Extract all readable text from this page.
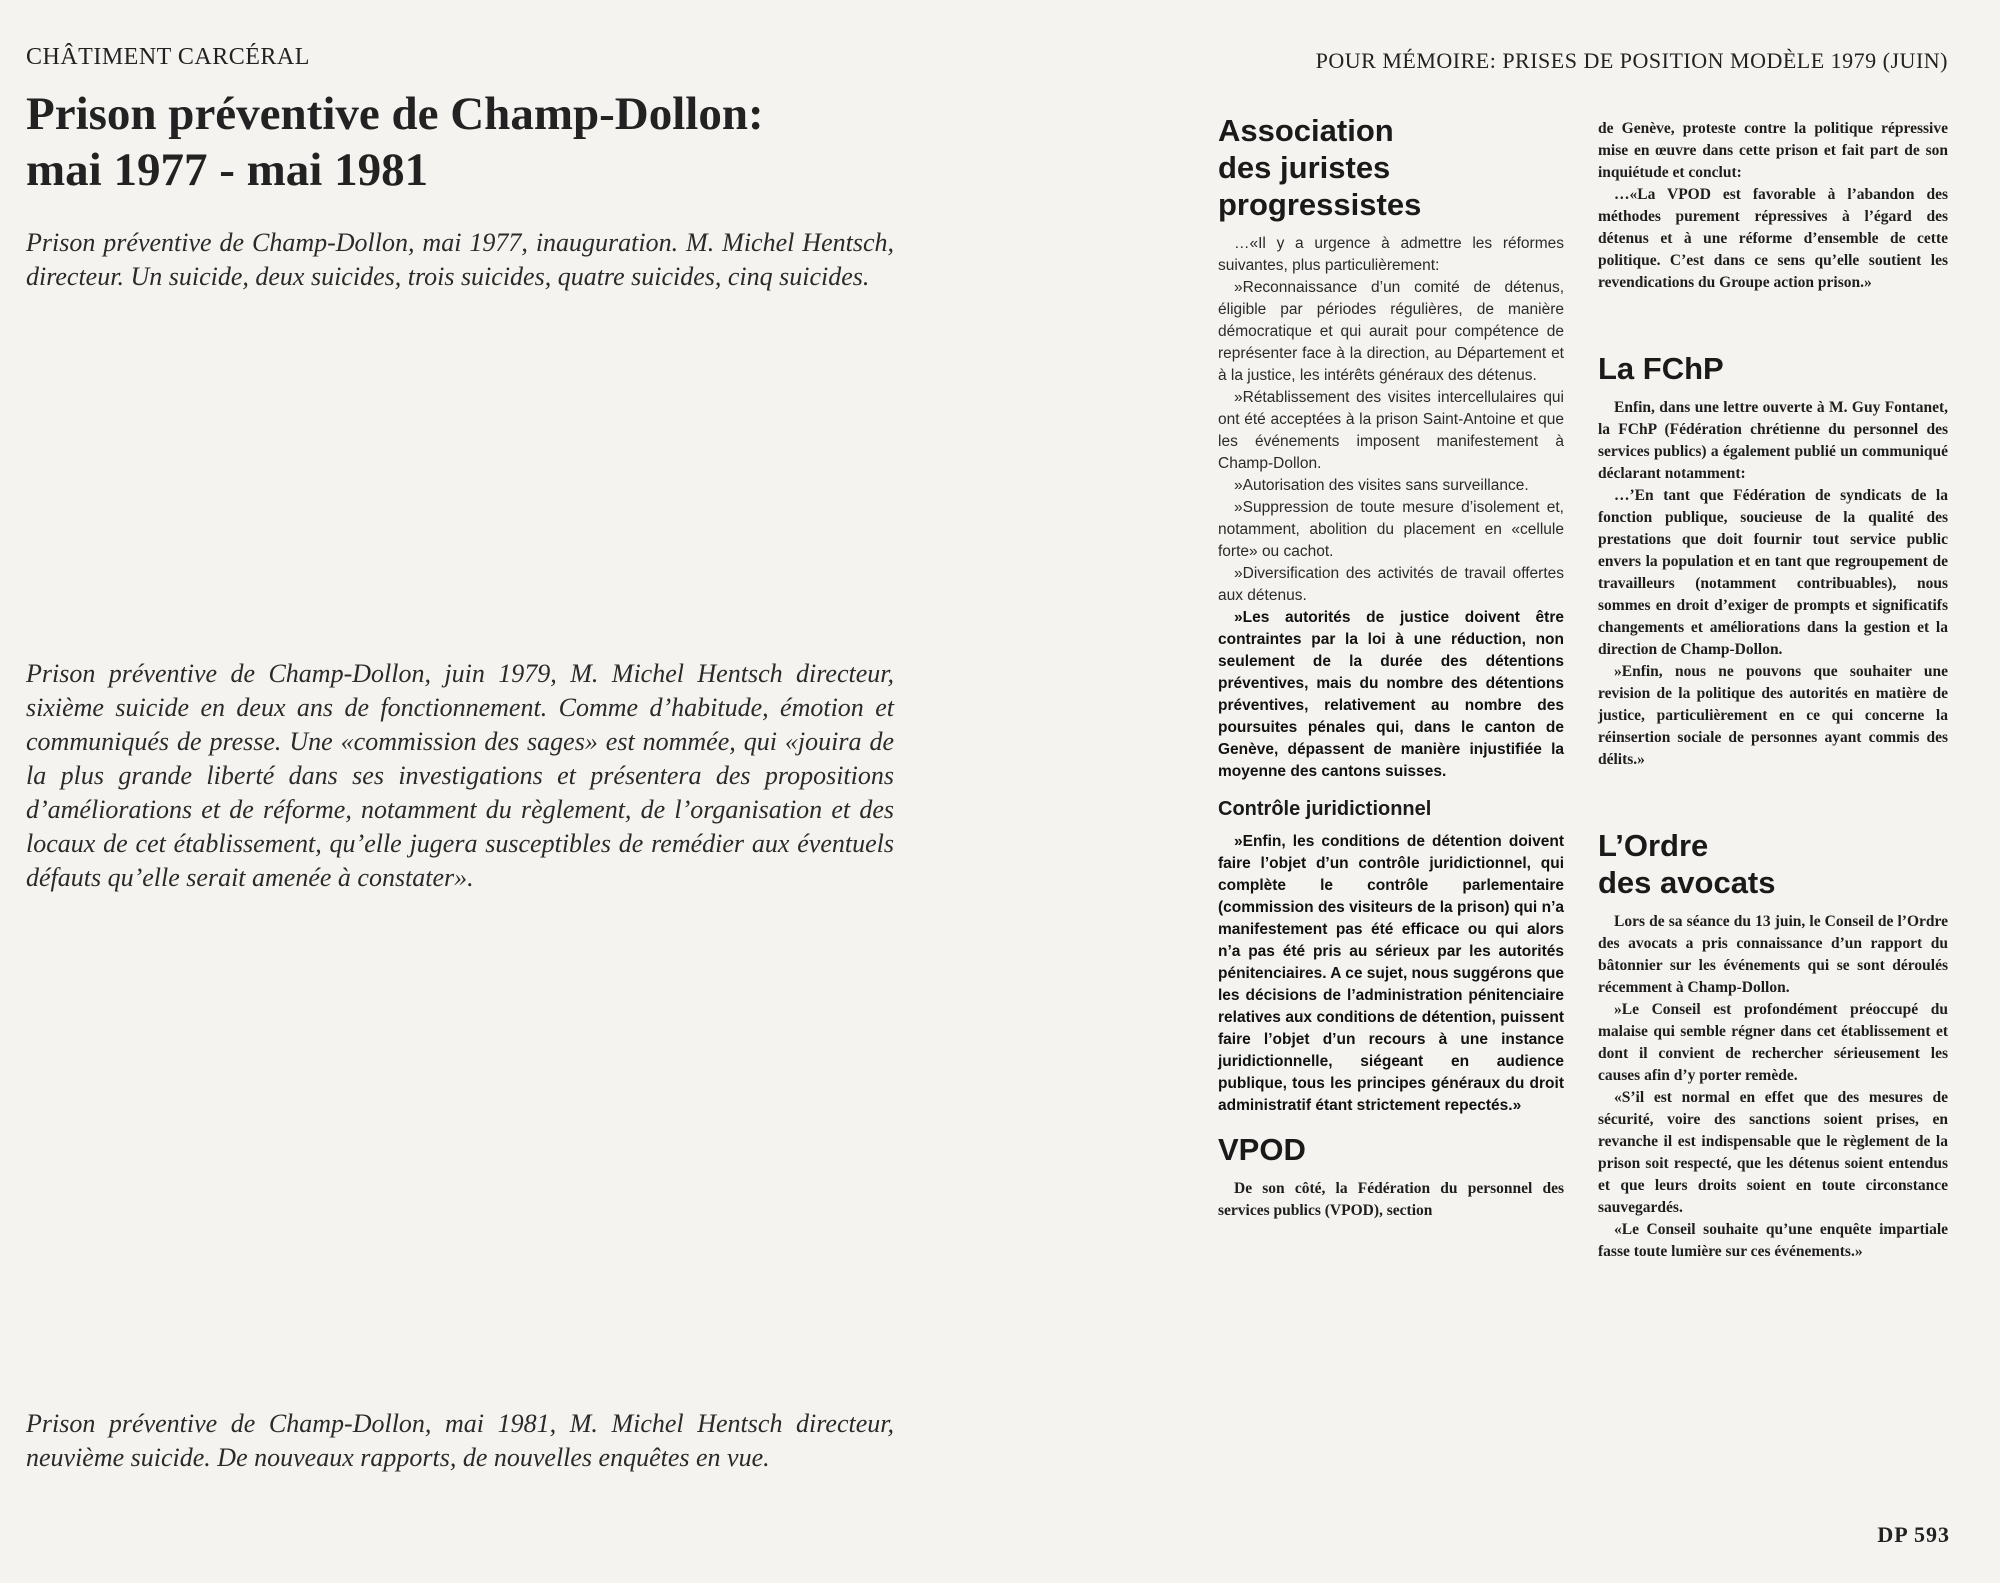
CHÂTIMENT CARCÉRAL
Prison préventive de Champ-Dollon:
mai 1977 - mai 1981

Prison préventive de Champ-Dollon, mai 1977, inauguration. M. Michel Hentsch, directeur. Un suicide, deux suicides, trois suicides, quatre suicides, cinq suicides.

Prison préventive de Champ-Dollon, juin 1979, M. Michel Hentsch directeur, sixième suicide en deux ans de fonctionnement. Comme d’habitude, émotion et communiqués de presse. Une «commission des sages» est nommée, qui «jouira de la plus grande liberté dans ses investigations et présentera des propositions d’améliorations et de réforme, notamment du règlement, de l’organisation et des locaux de cet établissement, qu’elle jugera susceptibles de remédier aux éventuels défauts qu’elle serait amenée à constater».

Prison préventive de Champ-Dollon, mai 1981, M. Michel Hentsch directeur, neuvième suicide. De nouveaux rapports, de nouvelles enquêtes en vue.

POUR MÉMOIRE: PRISES DE POSITION MODÈLE 1979 (JUIN)
Association
des juristes
progressistes

…«Il y a urgence à admettre les réformes suivantes, plus particulièrement:

»Reconnaissance d’un comité de détenus, éligible par périodes régulières, de manière démocratique et qui aurait pour compétence de représenter face à la direction, au Département et à la justice, les intérêts généraux des détenus.

»Rétablissement des visites intercellulaires qui ont été acceptées à la prison Saint-Antoine et que les événements imposent manifestement à Champ-Dollon.

»Autorisation des visites sans surveillance.

»Suppression de toute mesure d’isolement et, notamment, abolition du placement en «cellule forte» ou cachot.

»Diversification des activités de travail offertes aux détenus.

»Les autorités de justice doivent être contraintes par la loi à une réduction, non seulement de la durée des détentions préventives, mais du nombre des détentions préventives, relativement au nombre des poursuites pénales qui, dans le canton de Genève, dépassent de manière injustifiée la moyenne des cantons suisses.

Contrôle juridictionnel

»Enfin, les conditions de détention doivent faire l’objet d’un contrôle juridictionnel, qui complète le contrôle parlementaire (commission des visiteurs de la prison) qui n’a manifestement pas été efficace ou qui alors n’a pas été pris au sérieux par les autorités pénitenciaires. A ce sujet, nous suggérons que les décisions de l’administration pénitenciaire relatives aux conditions de détention, puissent faire l’objet d’un recours à une instance juridictionnelle, siégeant en audience publique, tous les principes généraux du droit administratif étant strictement repectés.»

VPOD

De son côté, la Fédération du personnel des services publics (VPOD), section

de Genève, proteste contre la politique répressive mise en œuvre dans cette prison et fait part de son inquiétude et conclut:

…«La VPOD est favorable à l’abandon des méthodes purement répressives à l’égard des détenus et à une réforme d’ensemble de cette politique. C’est dans ce sens qu’elle soutient les revendications du Groupe action prison.»

La FChP

Enfin, dans une lettre ouverte à M. Guy Fontanet, la FChP (Fédération chrétienne du personnel des services publics) a également publié un communiqué déclarant notamment:

…’En tant que Fédération de syndicats de la fonction publique, soucieuse de la qualité des prestations que doit fournir tout service public envers la population et en tant que regroupement de travailleurs (notamment contribuables), nous sommes en droit d’exiger de prompts et significatifs changements et améliorations dans la gestion et la direction de Champ-Dollon.

»Enfin, nous ne pouvons que souhaiter une revision de la politique des autorités en matière de justice, particulièrement en ce qui concerne la réinsertion sociale de personnes ayant commis des délits.»

L’Ordre
des avocats

Lors de sa séance du 13 juin, le Conseil de l’Ordre des avocats a pris connaissance d’un rapport du bâtonnier sur les événements qui se sont déroulés récemment à Champ-Dollon.

»Le Conseil est profondément préoccupé du malaise qui semble régner dans cet établissement et dont il convient de rechercher sérieusement les causes afin d’y porter remède.

«S’il est normal en effet que des mesures de sécurité, voire des sanctions soient prises, en revanche il est indispensable que le règlement de la prison soit respecté, que les détenus soient entendus et que leurs droits soient en toute circonstance sauvegardés.

«Le Conseil souhaite qu’une enquête impartiale fasse toute lumière sur ces événements.»

DP 593
